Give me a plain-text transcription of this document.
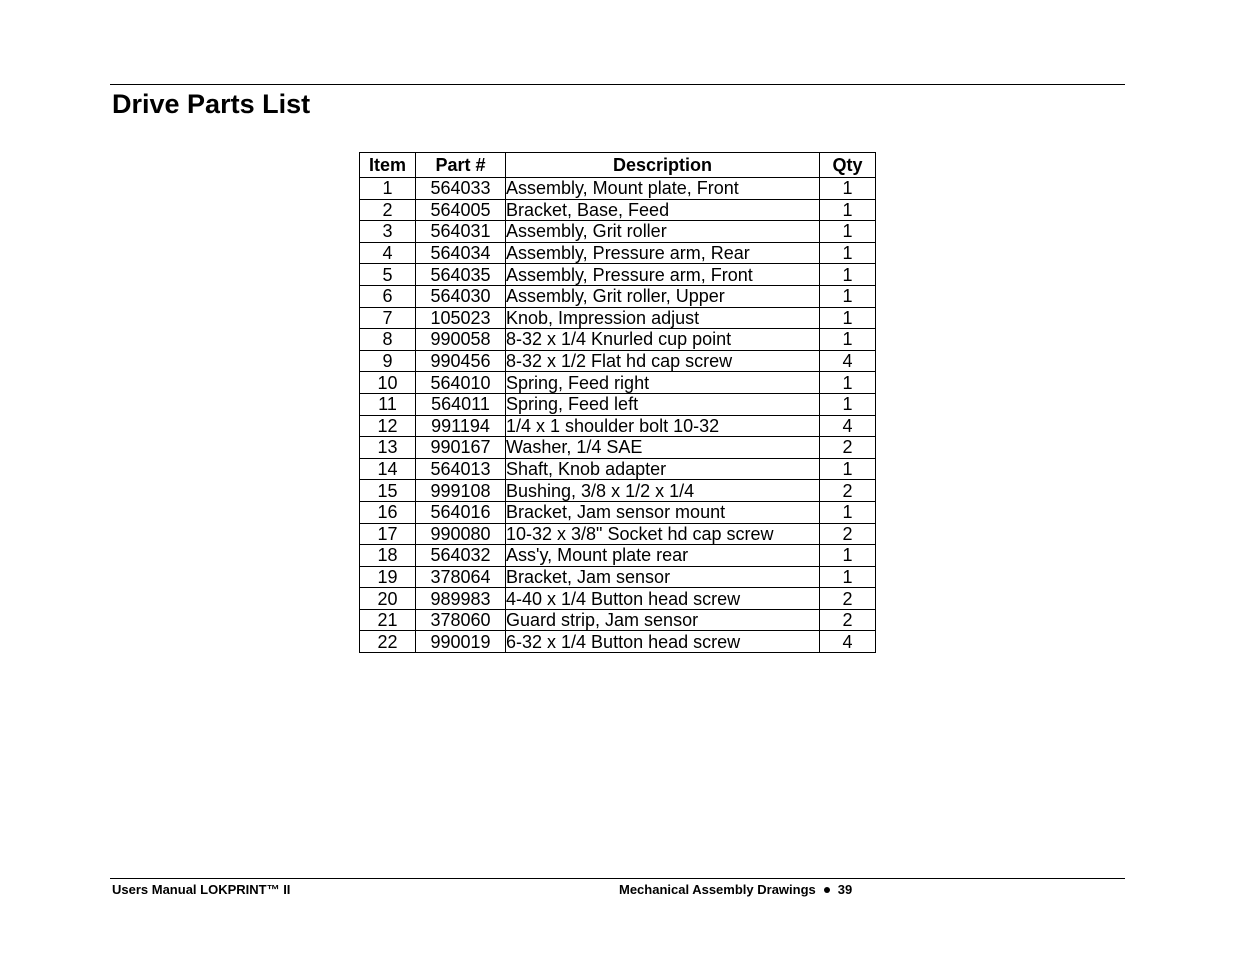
Drive Parts List
Item	Part #	Description	Qty
1	564033	Assembly, Mount plate, Front	1
2	564005	Bracket, Base, Feed	1
3	564031	Assembly, Grit roller	1
4	564034	Assembly, Pressure arm, Rear	1
5	564035	Assembly, Pressure arm, Front	1
6	564030	Assembly, Grit roller, Upper	1
7	105023	Knob, Impression adjust	1
8	990058	8-32 x 1/4 Knurled cup point	1
9	990456	8-32 x 1/2 Flat hd cap screw	4
10	564010	Spring, Feed right	1
11	564011	Spring, Feed left	1
12	991194	1/4 x 1 shoulder bolt 10-32	4
13	990167	Washer, 1/4 SAE	2
14	564013	Shaft, Knob adapter	1
15	999108	Bushing, 3/8 x 1/2 x 1/4	2
16	564016	Bracket, Jam sensor mount	1
17	990080	10-32 x 3/8" Socket hd cap screw	2
18	564032	Ass'y, Mount plate rear	1
19	378064	Bracket, Jam sensor	1
20	989983	4-40 x 1/4 Button head screw	2
21	378060	Guard strip, Jam sensor	2
22	990019	6-32 x 1/4 Button head screw	4
Users Manual LOKPRINT™ II	Mechanical Assembly Drawings 39
